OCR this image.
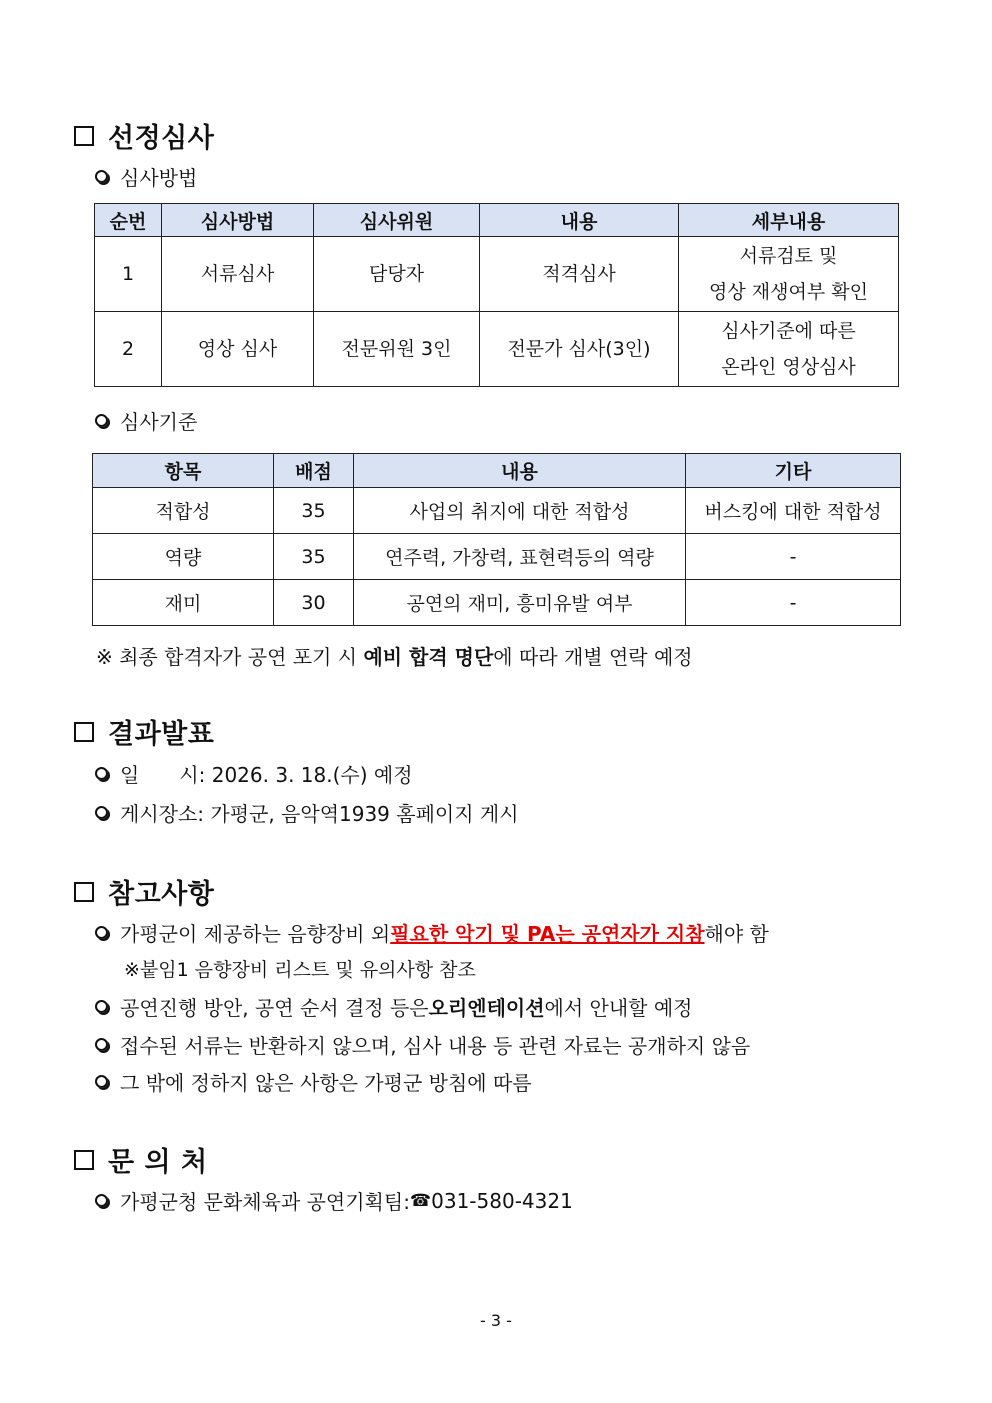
선정심사
심사방법
순번	심사방법	심사위원	내용	세부내용
1	서류심사	담당자	적격심사	서류검토 및
영상 재생여부 확인

2	영상 심사	전문위원 3인	전문가 심사(3인)	심사기준에 따른
온라인 영상심사
심사기준
항목	배점	내용	기타
적합성	35	사업의 취지에 대한 적합성	버스킹에 대한 적합성
역량	35	연주력, 가창력, 표현력등의 역량	-
재미	30	공연의 재미, 흥미유발 여부	-
※ 최종 합격자가 공연 포기 시 예비 합격 명단에 따라 개별 연락 예정
결과발표
일　　시: 2026. 3. 18.(수) 예정
게시장소: 가평군, 음악역1939 홈페이지 게시
참고사항
가평군이 제공하는 음향장비 외 필요한 악기 및 PA는 공연자가 지참 해야 함
※붙임1 음향장비 리스트 및 유의사항 참조
공연진행 방안, 공연 순서 결정 등은 오리엔테이션 에서 안내할 예정
접수된 서류는 반환하지 않으며, 심사 내용 등 관련 자료는 공개하지 않음
그 밖에 정하지 않은 사항은 가평군 방침에 따름
문 의 처
가평군청 문화체육과 공연기획팀: ☎ 031-580-4321
- 3 -
